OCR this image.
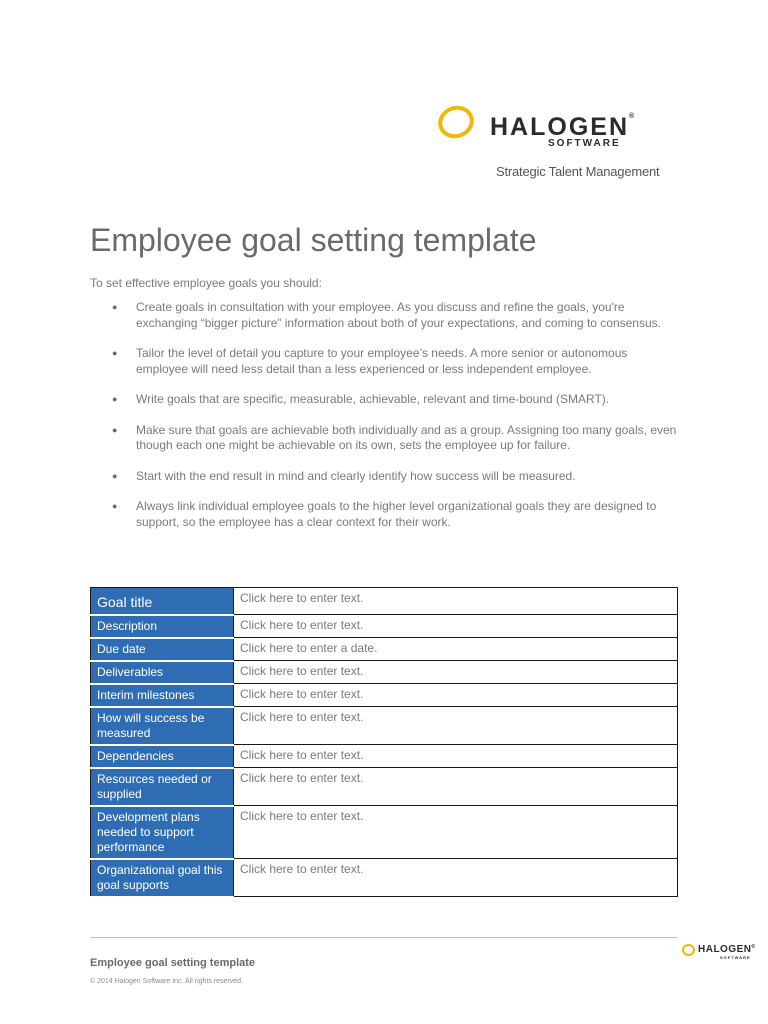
HALOGEN®
SOFTWARE
Strategic Talent Management
Employee goal setting template
To set effective employee goals you should:
● Create goals in consultation with your employee. As you discuss and refine the goals, you're exchanging “bigger picture” information about both of your expectations, and coming to consensus.
● Tailor the level of detail you capture to your employee’s needs. A more senior or autonomous employee will need less detail than a less experienced or less independent employee.
● Write goals that are specific, measurable, achievable, relevant and time-bound (SMART).
● Make sure that goals are achievable both individually and as a group. Assigning too many goals, even though each one might be achievable on its own, sets the employee up for failure.
● Start with the end result in mind and clearly identify how success will be measured.
● Always link individual employee goals to the higher level organizational goals they are designed to support, so the employee has a clear context for their work.
Goal title	Click here to enter text.
Description	Click here to enter text.
Due date	Click here to enter a date.
Deliverables	Click here to enter text.
Interim milestones	Click here to enter text.
How will success be measured	Click here to enter text.
Dependencies	Click here to enter text.
Resources needed or supplied	Click here to enter text.
Development plans needed to support performance	Click here to enter text.
Organizational goal this goal supports	Click here to enter text.
Employee goal setting template
© 2014 Halogen Software Inc. All rights reserved.
HALOGEN®
SOFTWARE
